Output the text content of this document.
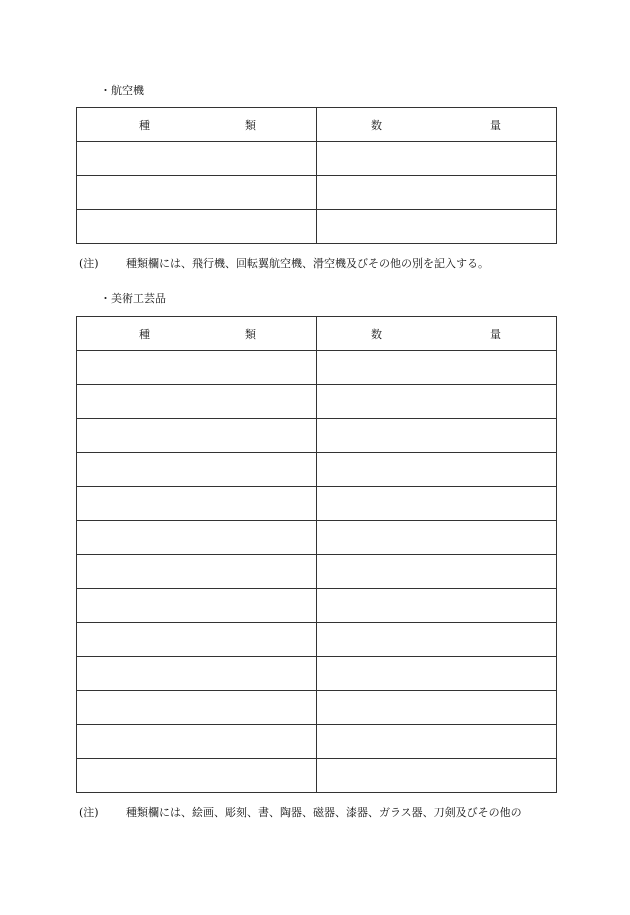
・航空機
種 類	数 量

(注) 種類欄には、飛行機、回転翼航空機、滑空機及びその他の別を記入する。
・美術工芸品
種 類	数 量

(注) 種類欄には、絵画、彫刻、書、陶器、磁器、漆器、ガラス器、刀剣及びその他の
